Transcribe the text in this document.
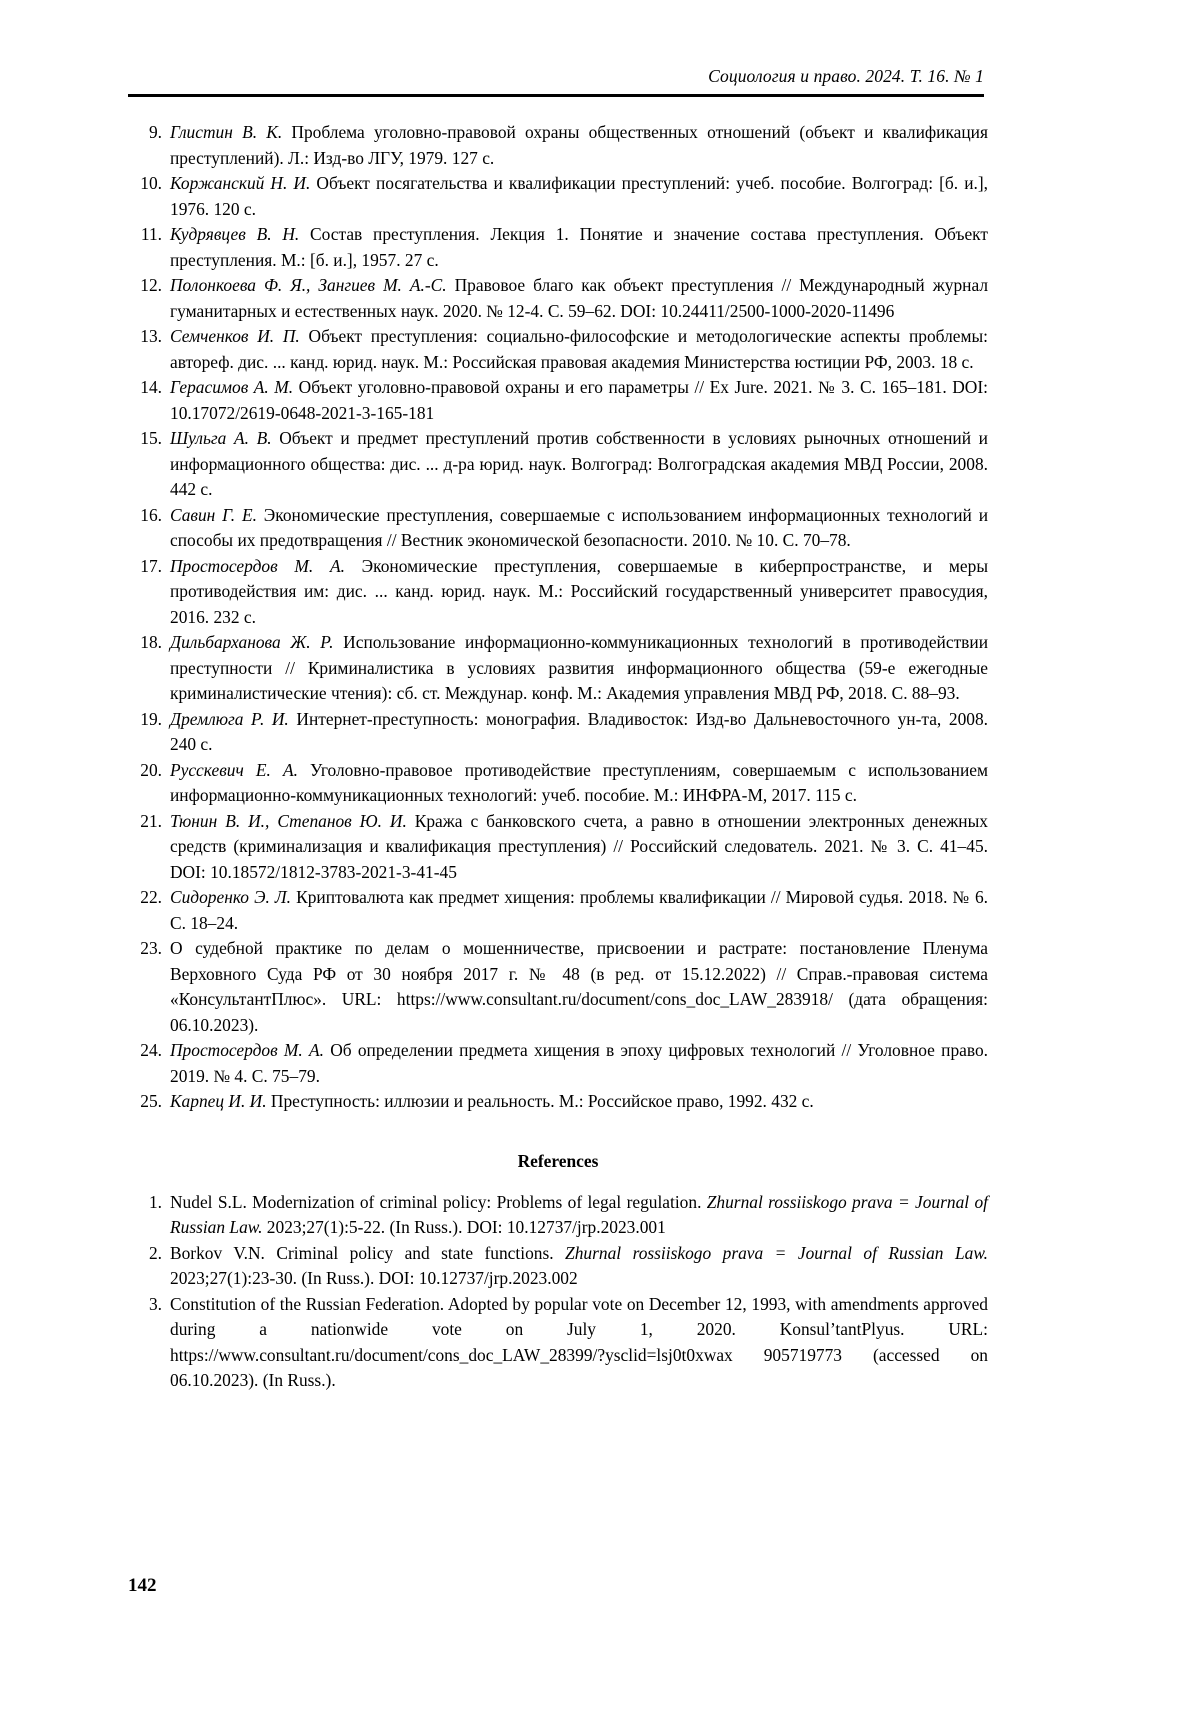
Социология и право. 2024. Т. 16. № 1
9. Глистин В. К. Проблема уголовно-правовой охраны общественных отношений (объект и квалификация преступлений). Л.: Изд-во ЛГУ, 1979. 127 с.
10. Коржанский Н. И. Объект посягательства и квалификации преступлений: учеб. пособие. Волгоград: [б. и.], 1976. 120 с.
11. Кудрявцев В. Н. Состав преступления. Лекция 1. Понятие и значение состава преступления. Объект преступления. М.: [б. и.], 1957. 27 с.
12. Полонкоева Ф. Я., Зангиев М. А.-С. Правовое благо как объект преступления // Международный журнал гуманитарных и естественных наук. 2020. № 12-4. С. 59–62. DOI: 10.24411/2500-1000-2020-11496
13. Семченков И. П. Объект преступления: социально-философские и методологические аспекты проблемы: автореф. дис. ... канд. юрид. наук. М.: Российская правовая академия Министерства юстиции РФ, 2003. 18 с.
14. Герасимов А. М. Объект уголовно-правовой охраны и его параметры // Ex Jure. 2021. № 3. С. 165–181. DOI: 10.17072/2619-0648-2021-3-165-181
15. Шульга А. В. Объект и предмет преступлений против собственности в условиях рыночных отношений и информационного общества: дис. ... д-ра юрид. наук. Волгоград: Волгоградская академия МВД России, 2008. 442 с.
16. Савин Г. Е. Экономические преступления, совершаемые с использованием информационных технологий и способы их предотвращения // Вестник экономической безопасности. 2010. № 10. С. 70–78.
17. Простосердов М. А. Экономические преступления, совершаемые в киберпространстве, и меры противодействия им: дис. ... канд. юрид. наук. М.: Российский государственный университет правосудия, 2016. 232 с.
18. Дильбарханова Ж. Р. Использование информационно-коммуникационных технологий в противодействии преступности // Криминалистика в условиях развития информационного общества (59-е ежегодные криминалистические чтения): сб. ст. Междунар. конф. М.: Академия управления МВД РФ, 2018. С. 88–93.
19. Дремлюга Р. И. Интернет-преступность: монография. Владивосток: Изд-во Дальневосточного ун-та, 2008. 240 с.
20. Русскевич Е. А. Уголовно-правовое противодействие преступлениям, совершаемым с использованием информационно-коммуникационных технологий: учеб. пособие. М.: ИНФРА-М, 2017. 115 с.
21. Тюнин В. И., Степанов Ю. И. Кража с банковского счета, а равно в отношении электронных денежных средств (криминализация и квалификация преступления) // Российский следователь. 2021. № 3. С. 41–45. DOI: 10.18572/1812-3783-2021-3-41-45
22. Сидоренко Э. Л. Криптовалюта как предмет хищения: проблемы квалификации // Мировой судья. 2018. № 6. С. 18–24.
23. О судебной практике по делам о мошенничестве, присвоении и растрате: постановление Пленума Верховного Суда РФ от 30 ноября 2017 г. № 48 (в ред. от 15.12.2022) // Справ.-правовая система «КонсультантПлюс». URL: https://www.consultant.ru/document/cons_doc_LAW_283918/ (дата обращения: 06.10.2023).
24. Простосердов М. А. Об определении предмета хищения в эпоху цифровых технологий // Уголовное право. 2019. № 4. С. 75–79.
25. Карпец И. И. Преступность: иллюзии и реальность. М.: Российское право, 1992. 432 с.
References
1. Nudel S.L. Modernization of criminal policy: Problems of legal regulation. Zhurnal rossiiskogo prava = Journal of Russian Law. 2023;27(1):5-22. (In Russ.). DOI: 10.12737/jrp.2023.001
2. Borkov V.N. Criminal policy and state functions. Zhurnal rossiiskogo prava = Journal of Russian Law. 2023;27(1):23-30. (In Russ.). DOI: 10.12737/jrp.2023.002
3. Constitution of the Russian Federation. Adopted by popular vote on December 12, 1993, with amendments approved during a nationwide vote on July 1, 2020. Konsul’tantPlyus. URL: https://www.consultant.ru/document/cons_doc_LAW_28399/?ysclid=lsj0t0xwax 905719773 (accessed on 06.10.2023). (In Russ.).
142
